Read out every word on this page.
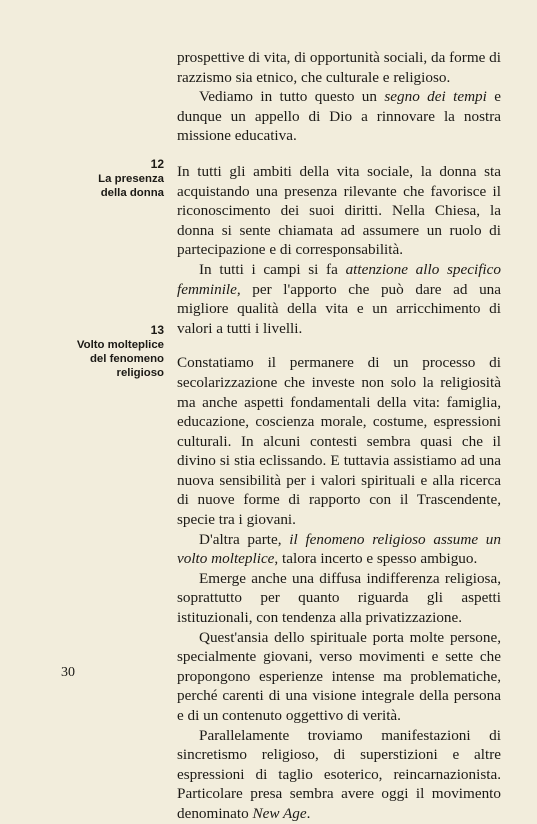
12
La presenza
della donna
13
Volto molteplice
del fenomeno
religioso

prospettive di vita, di opportunità sociali, da forme di razzismo sia etnico, che culturale e religioso.

Vediamo in tutto questo un segno dei tempi e dunque un appello di Dio a rinnovare la nostra missione educativa.

In tutti gli ambiti della vita sociale, la donna sta acquistando una presenza rilevante che favorisce il riconoscimento dei suoi diritti. Nella Chiesa, la donna si sente chiamata ad assumere un ruolo di partecipazione e di corresponsabilità.

In tutti i campi si fa attenzione allo specifico femminile, per l'apporto che può dare ad una migliore qualità della vita e un arricchimento di valori a tutti i livelli.

Constatiamo il permanere di un processo di secolarizzazione che investe non solo la religiosità ma anche aspetti fondamentali della vita: famiglia, educazione, coscienza morale, costume, espressioni culturali. In alcuni contesti sembra quasi che il divino si stia eclissando. E tuttavia assistiamo ad una nuova sensibilità per i valori spirituali e alla ricerca di nuove forme di rapporto con il Trascendente, specie tra i giovani.

D'altra parte, il fenomeno religioso assume un volto molteplice, talora incerto e spesso ambiguo.

Emerge anche una diffusa indifferenza religiosa, soprattutto per quanto riguarda gli aspetti istituzionali, con tendenza alla privatizzazione.

Quest'ansia dello spirituale porta molte persone, specialmente giovani, verso movimenti e sette che propongono esperienze intense ma problematiche, perché carenti di una visione integrale della persona e di un contenuto oggettivo di verità.

Parallelamente troviamo manifestazioni di sincretismo religioso, di superstizioni e altre espressioni di taglio esoterico, reincarnazionista. Particolare presa sembra avere oggi il movimento denominato New Age.

30
